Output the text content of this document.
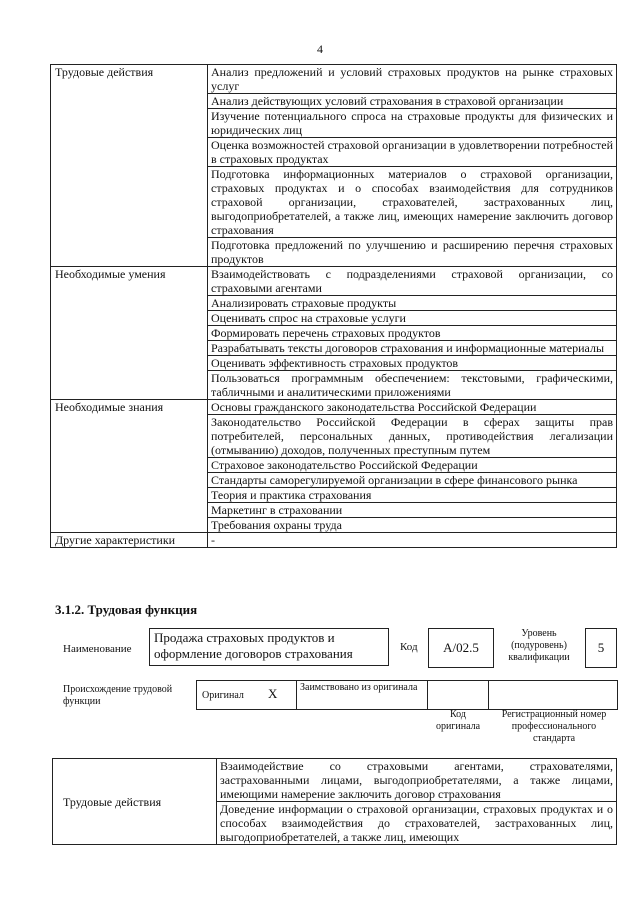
4
Трудовые действия	Анализ предложений и условий страховых продуктов на рынке страховых услуг
	Анализ действующих условий страхования в страховой организации
	Изучение потенциального спроса на страховые продукты для физических и юридических лиц
	Оценка возможностей страховой организации в удовлетворении потребностей в страховых продуктах
	Подготовка информационных материалов о страховой организации, страховых продуктах и о способах взаимодействия для сотрудников страховой организации, страхователей, застрахованных лиц, выгодоприобретателей, а также лиц, имеющих намерение заключить договор страхования
	Подготовка предложений по улучшению и расширению перечня страховых продуктов
Необходимые умения	Взаимодействовать с подразделениями страховой организации, со страховыми агентами
	Анализировать страховые продукты
	Оценивать спрос на страховые услуги
	Формировать перечень страховых продуктов
	Разрабатывать тексты договоров страхования и информационные материалы
	Оценивать эффективность страховых продуктов
	Пользоваться программным обеспечением: текстовыми, графическими, табличными и аналитическими приложениями
Необходимые знания	Основы гражданского законодательства Российской Федерации
	Законодательство Российской Федерации в сферах защиты прав потребителей, персональных данных, противодействия легализации (отмыванию) доходов, полученных преступным путем
	Страховое законодательство Российской Федерации
	Стандарты саморегулируемой организации в сфере финансового рынка
	Теория и практика страхования
	Маркетинг в страховании
	Требования охраны труда
Другие характеристики	-
3.1.2. Трудовая функция
Наименование
Продажа страховых продуктов и оформление договоров страхования	Код A/02.5
Уровень (подуровень) квалификации
5
Происхождение трудовой функции
Оригинал X Заимствовано из оригинала
Код оригинала
Регистрационный номер профессионального стандарта
Трудовые действия	Взаимодействие со страховыми агентами, страхователями, застрахованными лицами, выгодоприобретателями, а также лицами, имеющими намерение заключить договор страхования
Доведение информации о страховой организации, страховых продуктах и о способах взаимодействия до страхователей, застрахованных лиц, выгодоприобретателей, а также лиц, имеющих
